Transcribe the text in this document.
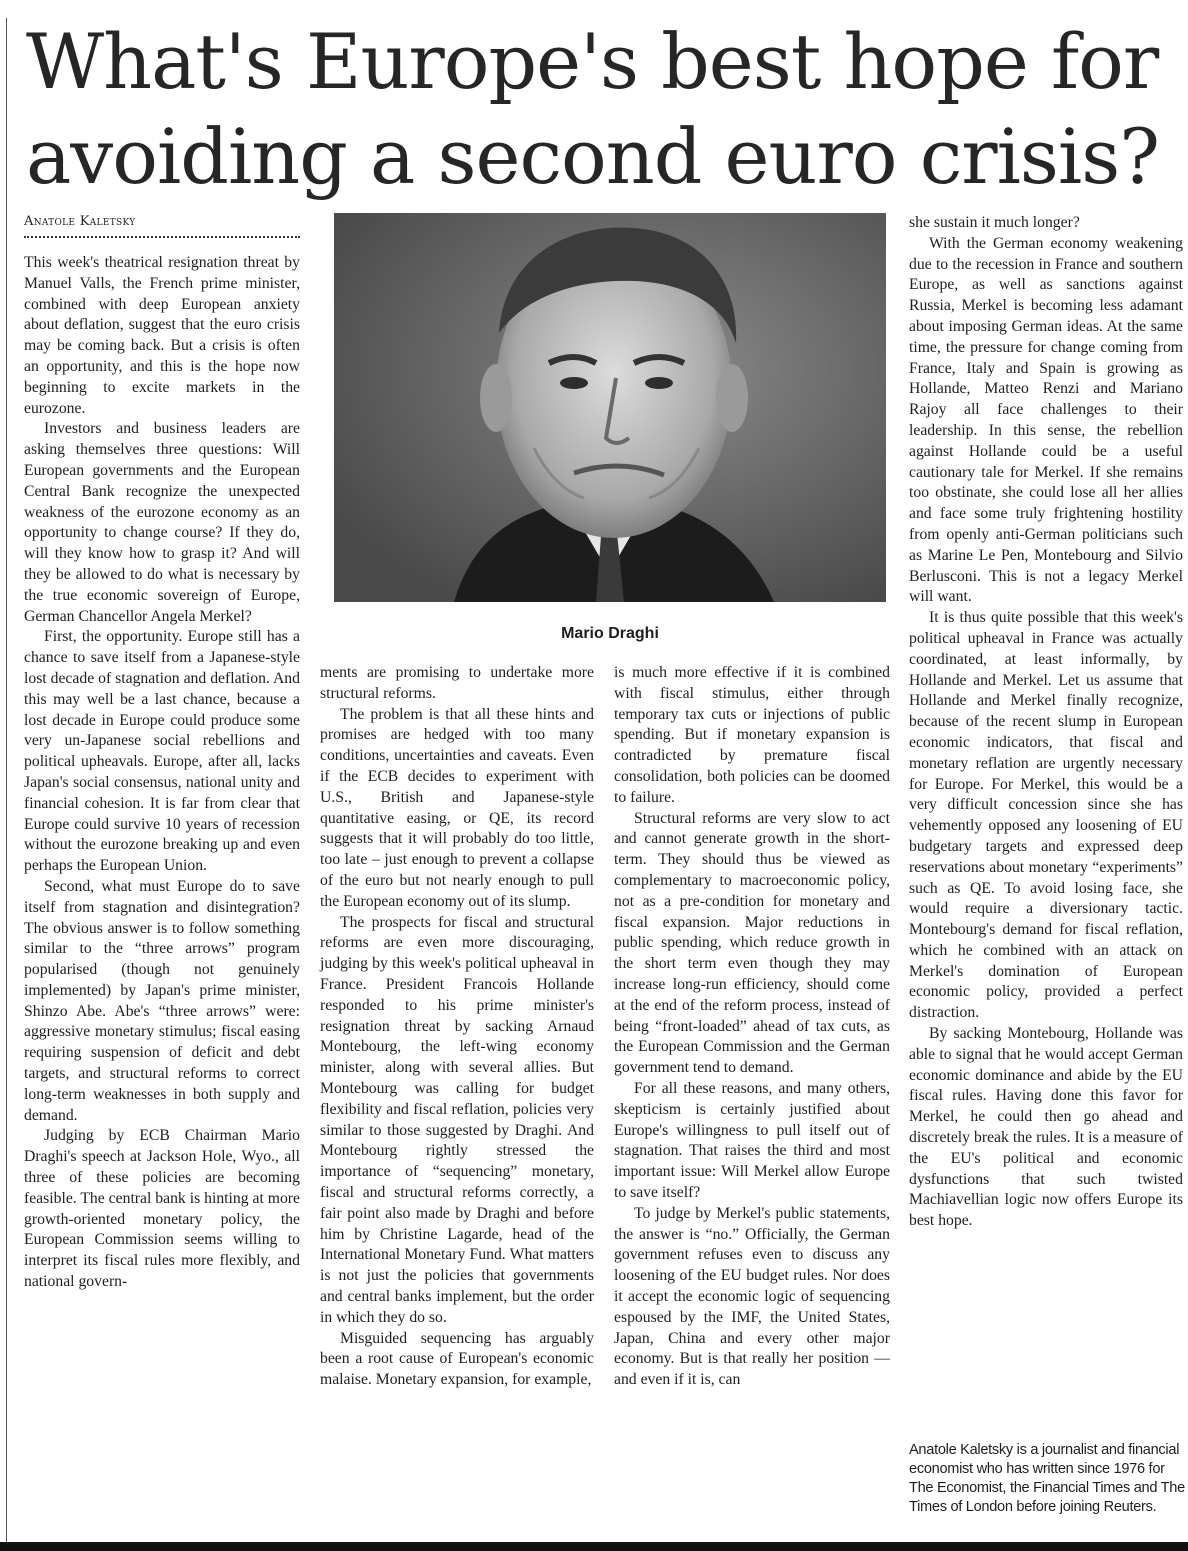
What's Europe's best hope for
avoiding a second euro crisis?
Anatole Kaletsky

This week's theatrical resignation threat by Manuel Valls, the French prime minister, combined with deep European anxiety about deflation, suggest that the euro crisis may be coming back. But a crisis is often an opportunity, and this is the hope now beginning to excite markets in the eurozone.

Investors and business leaders are asking themselves three questions: Will European governments and the European Central Bank recognize the unexpected weakness of the eurozone economy as an opportunity to change course? If they do, will they know how to grasp it? And will they be allowed to do what is necessary by the true economic sovereign of Europe, German Chancellor Angela Merkel?

First, the opportunity. Europe still has a chance to save itself from a Japanese-style lost decade of stagnation and deflation. And this may well be a last chance, because a lost decade in Europe could produce some very un-Japanese social rebellions and political upheavals. Europe, after all, lacks Japan's social consensus, national unity and financial cohesion. It is far from clear that Europe could survive 10 years of recession without the eurozone breaking up and even perhaps the European Union.

Second, what must Europe do to save itself from stagnation and disintegration? The obvious answer is to follow something similar to the “three arrows” program popularised (though not genuinely implemented) by Japan's prime minister, Shinzo Abe. Abe's “three arrows” were: aggressive monetary stimulus; fiscal easing requiring suspension of deficit and debt targets, and structural reforms to correct long-term weaknesses in both supply and demand.

Judging by ECB Chairman Mario Draghi's speech at Jackson Hole, Wyo., all three of these policies are becoming feasible. The central bank is hinting at more growth-oriented monetary policy, the European Commission seems willing to interpret its fiscal rules more flexibly, and national govern-

Mario Draghi

ments are promising to undertake more structural reforms.

The problem is that all these hints and promises are hedged with too many conditions, uncertainties and caveats. Even if the ECB decides to experiment with U.S., British and Japanese-style quantitative easing, or QE, its record suggests that it will probably do too little, too late – just enough to prevent a collapse of the euro but not nearly enough to pull the European economy out of its slump.

The prospects for fiscal and structural reforms are even more discouraging, judging by this week's political upheaval in France. President Francois Hollande responded to his prime minister's resignation threat by sacking Arnaud Montebourg, the left-wing economy minister, along with several allies. But Montebourg was calling for budget flexibility and fiscal reflation, policies very similar to those suggested by Draghi. And Montebourg rightly stressed the importance of “sequencing” monetary, fiscal and structural reforms correctly, a fair point also made by Draghi and before him by Christine Lagarde, head of the International Monetary Fund. What matters is not just the policies that governments and central banks implement, but the order in which they do so.

Misguided sequencing has arguably been a root cause of European's economic malaise. Monetary expansion, for example,

is much more effective if it is combined with fiscal stimulus, either through temporary tax cuts or injections of public spending. But if monetary expansion is contradicted by premature fiscal consolidation, both policies can be doomed to failure.

Structural reforms are very slow to act and cannot generate growth in the short-term. They should thus be viewed as complementary to macroeconomic policy, not as a pre-condition for monetary and fiscal expansion. Major reductions in public spending, which reduce growth in the short term even though they may increase long-run efficiency, should come at the end of the reform process, instead of being “front-loaded” ahead of tax cuts, as the European Commission and the German government tend to demand.

For all these reasons, and many others, skepticism is certainly justified about Europe's willingness to pull itself out of stagnation. That raises the third and most important issue: Will Merkel allow Europe to save itself?

To judge by Merkel's public statements, the answer is “no.” Officially, the German government refuses even to discuss any loosening of the EU budget rules. Nor does it accept the economic logic of sequencing espoused by the IMF, the United States, Japan, China and every other major economy. But is that really her position — and even if it is, can

she sustain it much longer?

With the German economy weakening due to the recession in France and southern Europe, as well as sanctions against Russia, Merkel is becoming less adamant about imposing German ideas. At the same time, the pressure for change coming from France, Italy and Spain is growing as Hollande, Matteo Renzi and Mariano Rajoy all face challenges to their leadership. In this sense, the rebellion against Hollande could be a useful cautionary tale for Merkel. If she remains too obstinate, she could lose all her allies and face some truly frightening hostility from openly anti-German politicians such as Marine Le Pen, Montebourg and Silvio Berlusconi. This is not a legacy Merkel will want.

It is thus quite possible that this week's political upheaval in France was actually coordinated, at least informally, by Hollande and Merkel. Let us assume that Hollande and Merkel finally recognize, because of the recent slump in European economic indicators, that fiscal and monetary reflation are urgently necessary for Europe. For Merkel, this would be a very difficult concession since she has vehemently opposed any loosening of EU budgetary targets and expressed deep reservations about monetary “experiments” such as QE. To avoid losing face, she would require a diversionary tactic. Montebourg's demand for fiscal reflation, which he combined with an attack on Merkel's domination of European economic policy, provided a perfect distraction.

By sacking Montebourg, Hollande was able to signal that he would accept German economic dominance and abide by the EU fiscal rules. Having done this favor for Merkel, he could then go ahead and discretely break the rules. It is a measure of the EU's political and economic dysfunctions that such twisted Machiavellian logic now offers Europe its best hope.

Anatole Kaletsky is a journalist and financial economist who has written since 1976 for The Economist, the Financial Times and The Times of London before joining Reuters.
